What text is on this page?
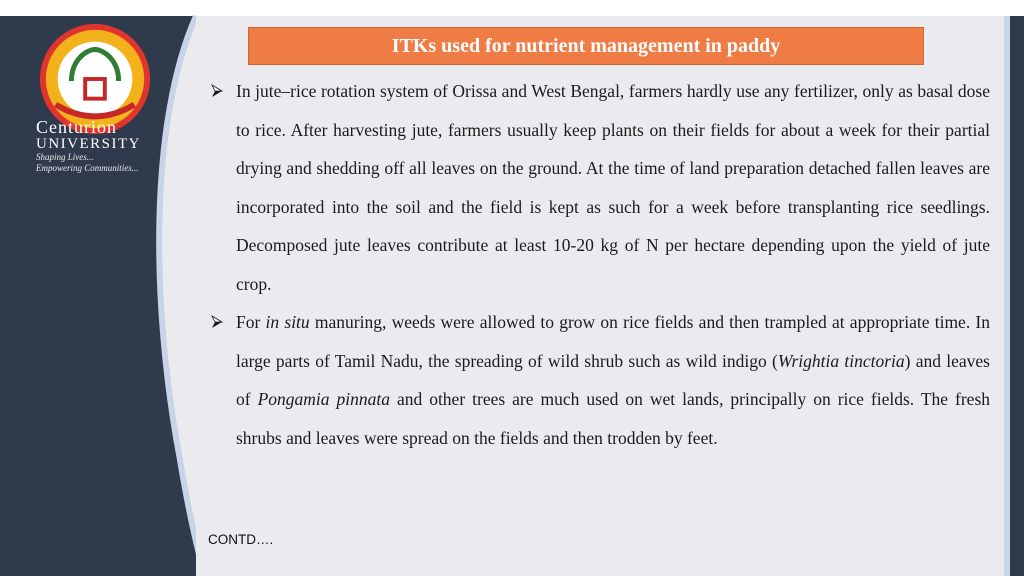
Centurion
UNIVERSITY
Shaping Lives...
Empowering Communities...
ITKs used for nutrient management in paddy
In jute–rice rotation system of Orissa and West Bengal, farmers hardly use any fertilizer, only as basal dose to rice. After harvesting jute, farmers usually keep plants on their fields for about a week for their partial drying and shedding off all leaves on the ground. At the time of land preparation detached fallen leaves are incorporated into the soil and the field is kept as such for a week before transplanting rice seedlings. Decomposed jute leaves contribute at least 10-20 kg of N per hectare depending upon the yield of jute crop.
For in situ manuring, weeds were allowed to grow on rice fields and then trampled at appropriate time. In large parts of Tamil Nadu, the spreading of wild shrub such as wild indigo (Wrightia tinctoria) and leaves of Pongamia pinnata and other trees are much used on wet lands, principally on rice fields. The fresh shrubs and leaves were spread on the fields and then trodden by feet.
CONTD….
